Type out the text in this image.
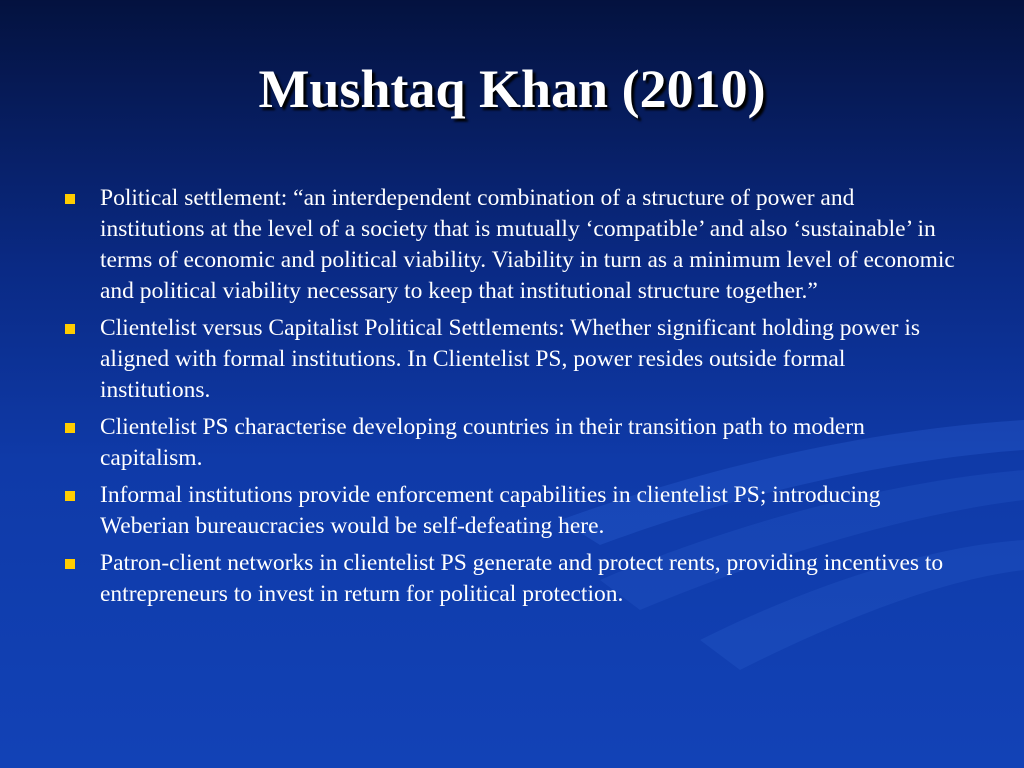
Mushtaq Khan (2010)
Political settlement: “an interdependent combination of a structure of power and institutions at the level of a society that is mutually ‘compatible’ and also ‘sustainable’ in terms of economic and political viability. Viability in turn as a minimum level of economic and political viability necessary to keep that institutional structure together.”
Clientelist versus Capitalist Political Settlements: Whether significant holding power is aligned with formal institutions. In Clientelist PS, power resides outside formal institutions.
Clientelist PS characterise developing countries in their transition path to modern capitalism.
Informal institutions provide enforcement capabilities in clientelist PS; introducing Weberian bureaucracies would be self-defeating here.
Patron-client networks in clientelist PS generate and protect rents, providing incentives to entrepreneurs to invest in return for political protection.
